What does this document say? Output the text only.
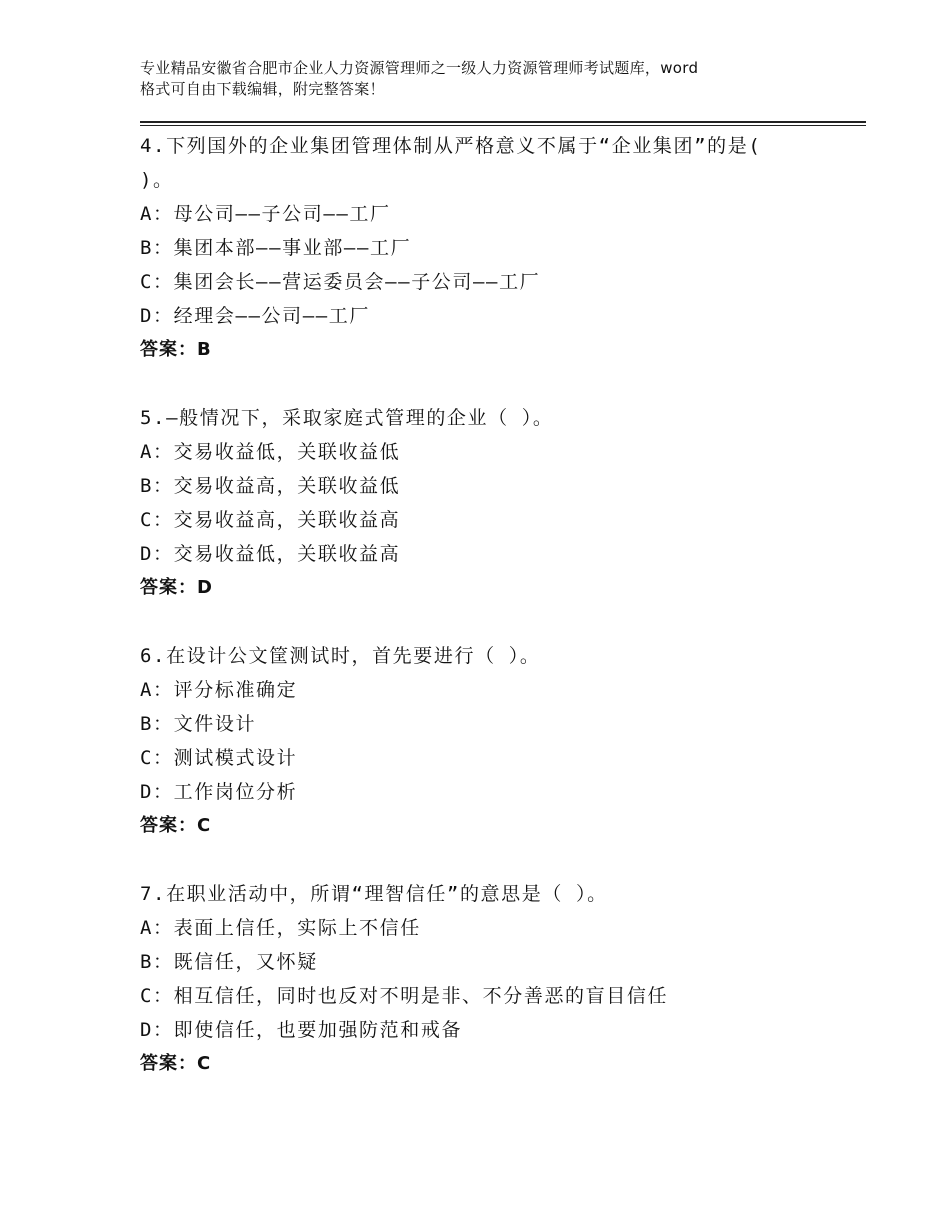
专业精品安徽省合肥市企业人力资源管理师之一级人力资源管理师考试题库，word
格式可自由下载编辑，附完整答案！
4.下列国外的企业集团管理体制从严格意义不属于“企业集团”的是(
)。
A：母公司——子公司——工厂
B：集团本部——事业部——工厂
C：集团会长——营运委员会——子公司——工厂
D：经理会——公司——工厂
答案：B
5.—般情况下，采取家庭式管理的企业（ ）。
A：交易收益低，关联收益低
B：交易收益高，关联收益低
C：交易收益高，关联收益高
D：交易收益低，关联收益高
答案：D
6.在设计公文筐测试时，首先要进行（ ）。
A：评分标准确定
B：文件设计
C：测试模式设计
D：工作岗位分析
答案：C
7.在职业活动中，所谓“理智信任”的意思是（ ）。
A：表面上信任，实际上不信任
B：既信任，又怀疑
C：相互信任，同时也反对不明是非、不分善恶的盲目信任
D：即使信任，也要加强防范和戒备
答案：C
